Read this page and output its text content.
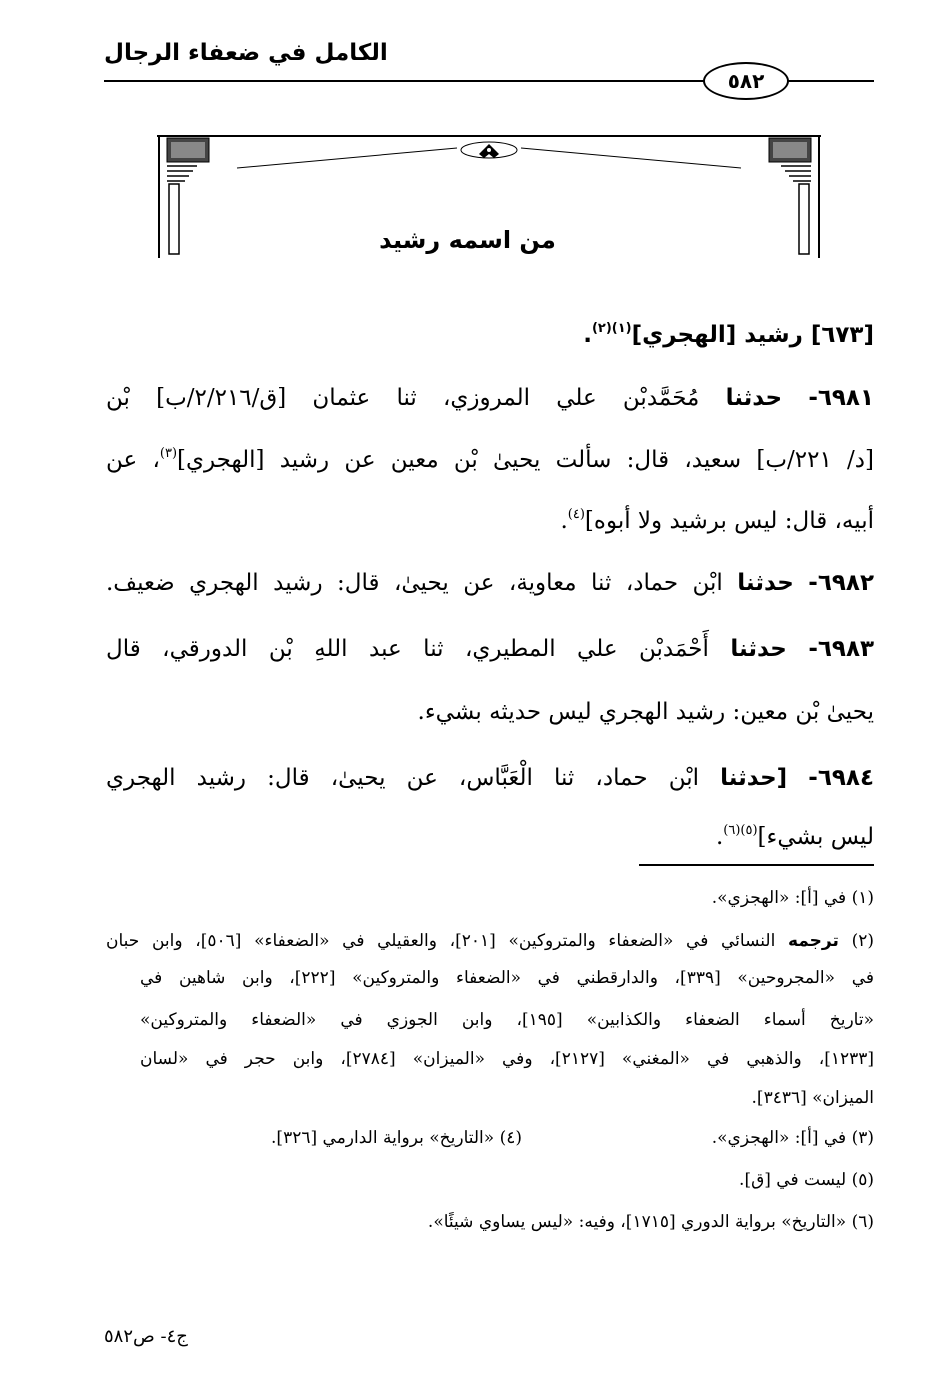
الكامل في ضعفاء الرجال
٥٨٢
من اسمه رشيد
[٦٧٣] رشيد [الهجري]$^{(١)(٢)}$.
٦٩٨١- حدثنا مُحَمَّدبْن علي المروزي، ثنا عثمان [ق/٢/٢١٦/ب] بْن
[د/ ٢٢١/ب] سعيد، قال: سألت يحيىٰ بْن معين عن رشيد [الهجري]$^{(٣)}$، عن
أبيه، قال: ليس برشيد ولا أبوه]$^{(٤)}$.
٦٩٨٢- حدثنا ابْن حماد، ثنا معاوية، عن يحيىٰ، قال: رشيد الهجري ضعيف.
٦٩٨٣- حدثنا أَحْمَدبْن علي المطيري، ثنا عبد اللهِ بْن الدورقي، قال
يحيىٰ بْن معين: رشيد الهجري ليس حديثه بشيء.
٦٩٨٤- [حدثنا ابْن حماد، ثنا الْعَبَّاس، عن يحيىٰ، قال: رشيد الهجري
ليس بشيء]$^{(٥)(٦)}$.
(١) في [أ]: «الهجزي».
(٢) ترجمه النسائي في «الضعفاء والمتروكين» [٢٠١]، والعقيلي في «الضعفاء» [٥٠٦]، وابن حبان
في «المجروحين» [٣٣٩]، والدارقطني في «الضعفاء والمتروكين» [٢٢٢]، وابن شاهين في
«تاريخ أسماء الضعفاء والكذابين» [١٩٥]، وابن الجوزي في «الضعفاء والمتروكين»
[١٢٣٣]، والذهبي في «المغني» [٢١٢٧]، وفي «الميزان» [٢٧٨٤]، وابن حجر في «لسان
الميزان» [٣٤٣٦].
(٣) في [أ]: «الهجزي».
(٤) «التاريخ» برواية الدارمي [٣٢٦].
(٥) ليست في [ق].
(٦) «التاريخ» برواية الدوري [١٧١٥]، وفيه: «ليس يساوي شيئًا».
ج٤- ص٥٨٢
